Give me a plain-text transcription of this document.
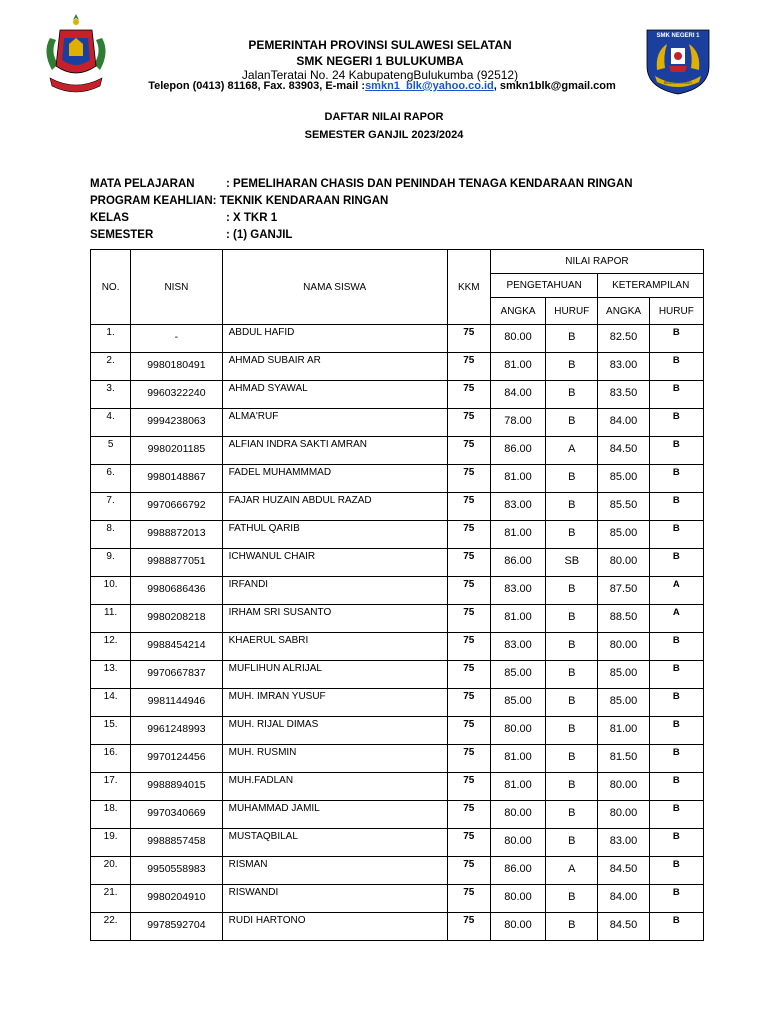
PEMERINTAH PROVINSI SULAWESI SELATAN
SMK NEGERI 1 BULUKUMBA
JalanTeratai No. 24 KabupatengBulukumba (92512)
Telepon (0413) 81168, Fax. 83903, E-mail :smkn1_blk@yahoo.co.id, smkn1blk@gmail.com
SMK NEGERI 1
BULUKUMBA
DAFTAR NILAI RAPOR
SEMESTER GANJIL 2023/2024
MATA PELAJARAN	: PEMELIHARAN CHASIS DAN PENINDAH TENAGA KENDARAAN RINGAN
PROGRAM KEAHLIAN: TEKNIK KENDARAAN RINGAN
KELAS	: X TKR 1
SEMESTER	: (1) GANJIL
NO.	NISN	NAMA SISWA	KKM	NILAI RAPOR			
				PENGETAHUAN		KETERAMPILAN	
				ANGKA	HURUF	ANGKA	HURUF
1.	-	ABDUL HAFID	75	80.00	B	82.50	B
2.	9980180491	AHMAD SUBAIR AR	75	81.00	B	83.00	B
3.	9960322240	AHMAD SYAWAL	75	84.00	B	83.50	B
4.	9994238063	ALMA'RUF	75	78.00	B	84.00	B
5	9980201185	ALFIAN INDRA SAKTI AMRAN	75	86.00	A	84.50	B
6.	9980148867	FADEL MUHAMMMAD	75	81.00	B	85.00	B
7.	9970666792	FAJAR HUZAIN ABDUL RAZAD	75	83.00	B	85.50	B
8.	9988872013	FATHUL QARIB	75	81.00	B	85.00	B
9.	9988877051	ICHWANUL CHAIR	75	86.00	SB	80.00	B
10.	9980686436	IRFANDI	75	83.00	B	87.50	A
11.	9980208218	IRHAM SRI SUSANTO	75	81.00	B	88.50	A
12.	9988454214	KHAERUL SABRI	75	83.00	B	80.00	B
13.	9970667837	MUFLIHUN ALRIJAL	75	85.00	B	85.00	B
14.	9981144946	MUH. IMRAN YUSUF	75	85.00	B	85.00	B
15.	9961248993	MUH. RIJAL DIMAS	75	80.00	B	81.00	B
16.	9970124456	MUH. RUSMIN	75	81.00	B	81.50	B
17.	9988894015	MUH.FADLAN	75	81.00	B	80.00	B
18.	9970340669	MUHAMMAD JAMIL	75	80.00	B	80.00	B
19.	9988857458	MUSTAQBILAL	75	80.00	B	83.00	B
20.	9950558983	RISMAN	75	86.00	A	84.50	B
21.	9980204910	RISWANDI	75	80.00	B	84.00	B
22.	9978592704	RUDI HARTONO	75	80.00	B	84.50	B
